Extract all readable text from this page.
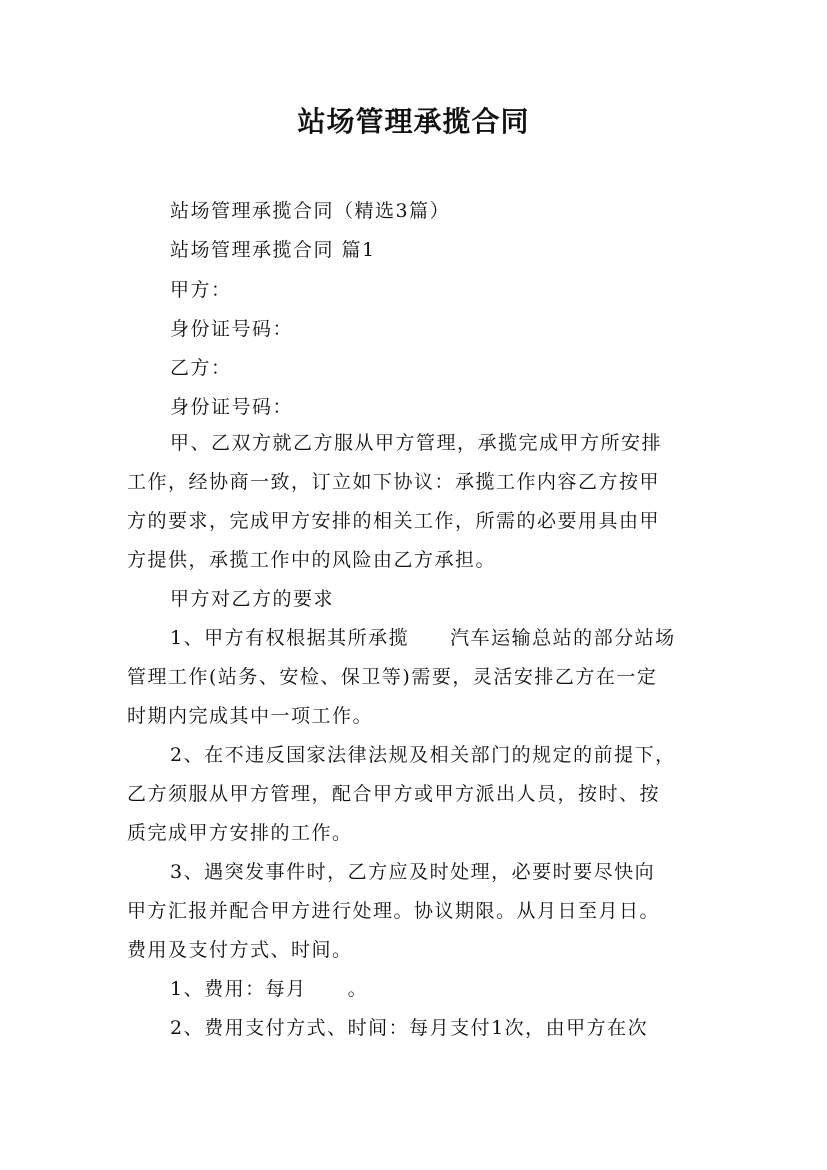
站场管理承揽合同
站场管理承揽合同（精选3篇）
站场管理承揽合同 篇1
甲方：
身份证号码：
乙方：
身份证号码：
甲、乙双方就乙方服从甲方管理，承揽完成甲方所安排
工作，经协商一致，订立如下协议：承揽工作内容乙方按甲
方的要求，完成甲方安排的相关工作，所需的必要用具由甲
方提供，承揽工作中的风险由乙方承担。
甲方对乙方的要求
1、甲方有权根据其所承揽　　汽车运输总站的部分站场
管理工作(站务、安检、保卫等)需要，灵活安排乙方在一定
时期内完成其中一项工作。
2、在不违反国家法律法规及相关部门的规定的前提下，
乙方须服从甲方管理，配合甲方或甲方派出人员，按时、按
质完成甲方安排的工作。
3、遇突发事件时，乙方应及时处理，必要时要尽快向
甲方汇报并配合甲方进行处理。协议期限。从月日至月日。
费用及支付方式、时间。
1、费用：每月　　。
2、费用支付方式、时间：每月支付1次，由甲方在次
